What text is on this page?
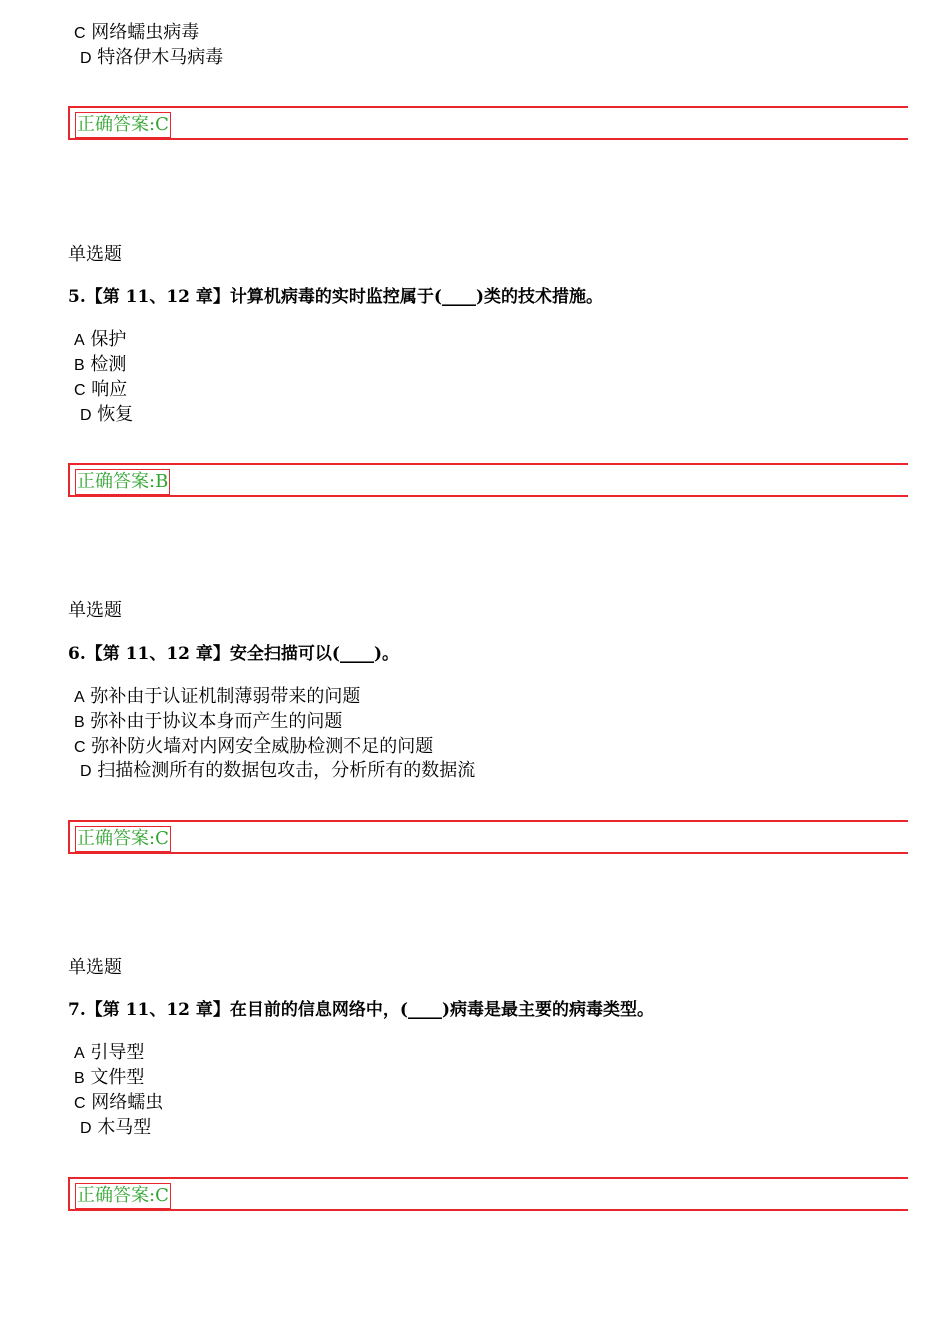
C 网络蠕虫病毒
D 特洛伊木马病毒
正确答案:C
单选题
5.【第 11、12 章】计算机病毒的实时监控属于(____)类的技术措施。
A 保护
B 检测
C 响应
D 恢复
正确答案:B
单选题
6.【第 11、12 章】安全扫描可以(____)。
A 弥补由于认证机制薄弱带来的问题
B 弥补由于协议本身而产生的问题
C 弥补防火墙对内网安全威胁检测不足的问题
D 扫描检测所有的数据包攻击，分析所有的数据流
正确答案:C
单选题
7.【第 11、12 章】在目前的信息网络中，(____)病毒是最主要的病毒类型。
A 引导型
B 文件型
C 网络蠕虫
D 木马型
正确答案:C
